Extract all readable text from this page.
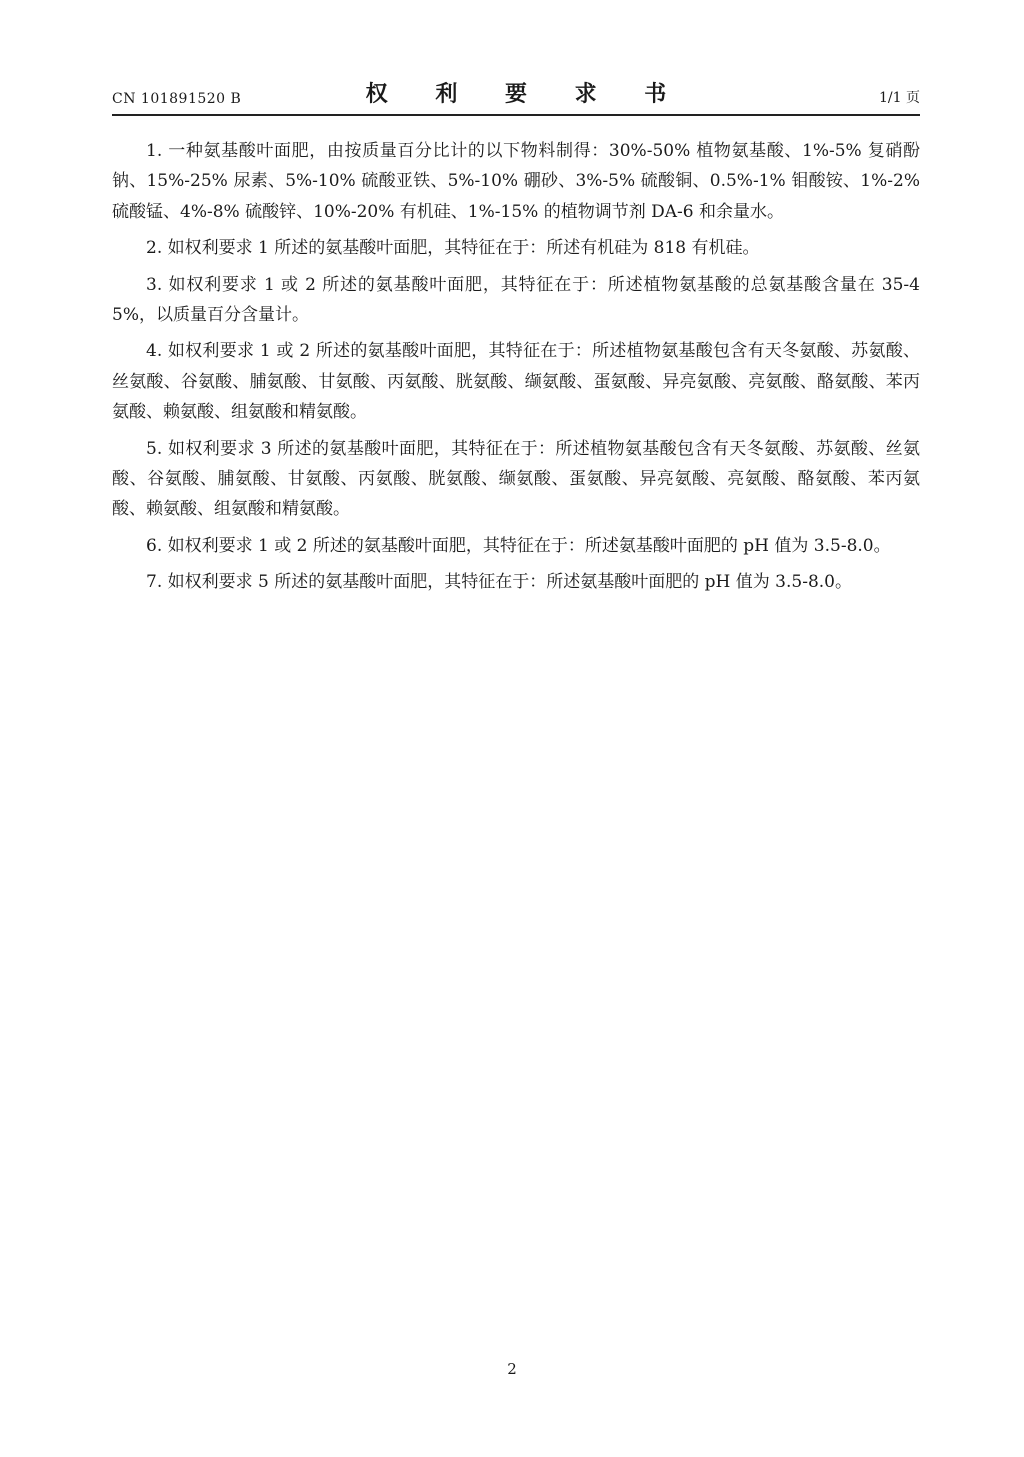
CN 101891520 B	权 利 要 求 书	1/1 页

1. 一种氨基酸叶面肥，由按质量百分比计的以下物料制得：30%-50% 植物氨基酸、1%-5% 复硝酚钠、15%-25% 尿素、5%-10% 硫酸亚铁、5%-10% 硼砂、3%-5% 硫酸铜、0.5%-1% 钼酸铵、1%-2% 硫酸锰、4%-8% 硫酸锌、10%-20% 有机硅、1%-15% 的植物调节剂 DA-6 和余量水。

2. 如权利要求 1 所述的氨基酸叶面肥，其特征在于：所述有机硅为 818 有机硅。

3. 如权利要求 1 或 2 所述的氨基酸叶面肥，其特征在于：所述植物氨基酸的总氨基酸含量在 35-45%，以质量百分含量计。

4. 如权利要求 1 或 2 所述的氨基酸叶面肥，其特征在于：所述植物氨基酸包含有天冬氨酸、苏氨酸、丝氨酸、谷氨酸、脯氨酸、甘氨酸、丙氨酸、胱氨酸、缬氨酸、蛋氨酸、异亮氨酸、亮氨酸、酪氨酸、苯丙氨酸、赖氨酸、组氨酸和精氨酸。

5. 如权利要求 3 所述的氨基酸叶面肥，其特征在于：所述植物氨基酸包含有天冬氨酸、苏氨酸、丝氨酸、谷氨酸、脯氨酸、甘氨酸、丙氨酸、胱氨酸、缬氨酸、蛋氨酸、异亮氨酸、亮氨酸、酪氨酸、苯丙氨酸、赖氨酸、组氨酸和精氨酸。

6. 如权利要求 1 或 2 所述的氨基酸叶面肥，其特征在于：所述氨基酸叶面肥的 pH 值为 3.5-8.0。

7. 如权利要求 5 所述的氨基酸叶面肥，其特征在于：所述氨基酸叶面肥的 pH 值为 3.5-8.0。

2
